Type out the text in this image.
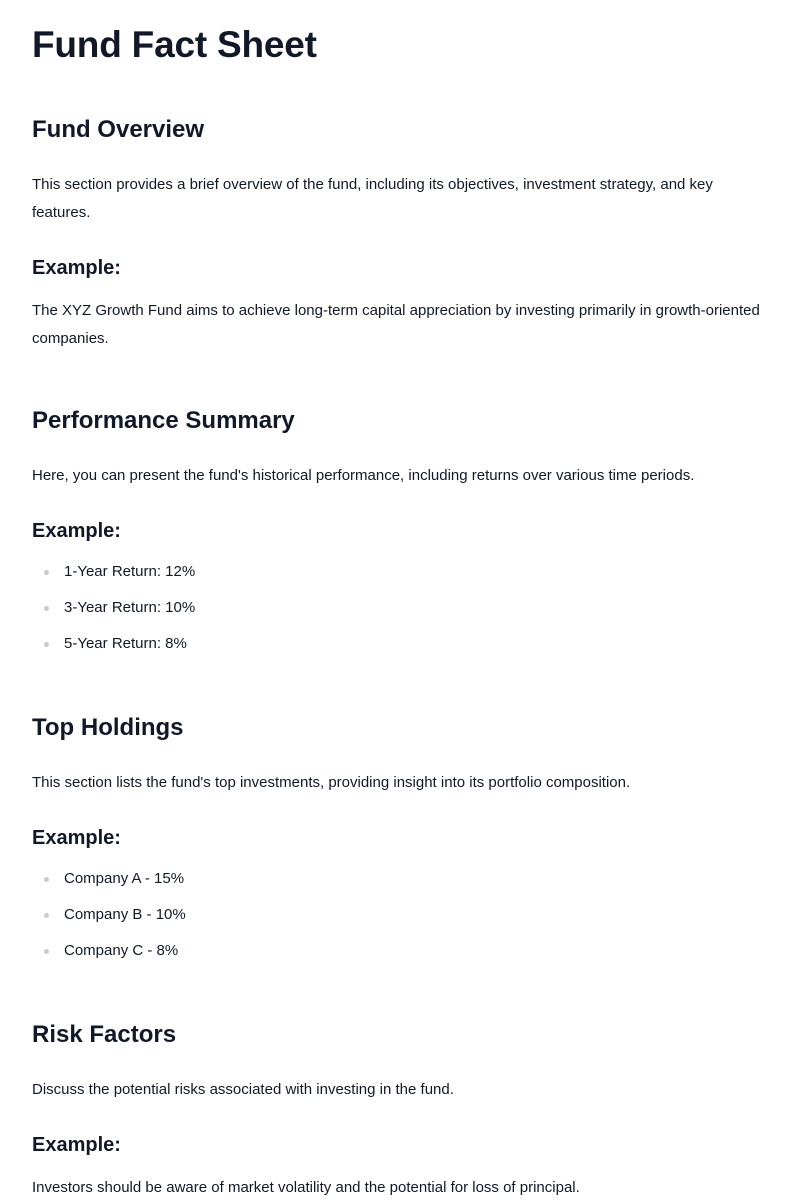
Fund Fact Sheet
Fund Overview

This section provides a brief overview of the fund, including its objectives, investment strategy, and key features.

Example:

The XYZ Growth Fund aims to achieve long-term capital appreciation by investing primarily in growth-oriented companies.

Performance Summary

Here, you can present the fund's historical performance, including returns over various time periods.

Example:
1-Year Return: 12%
3-Year Return: 10%
5-Year Return: 8%
Top Holdings

This section lists the fund's top investments, providing insight into its portfolio composition.

Example:
Company A - 15%
Company B - 10%
Company C - 8%
Risk Factors

Discuss the potential risks associated with investing in the fund.

Example:

Investors should be aware of market volatility and the potential for loss of principal.
